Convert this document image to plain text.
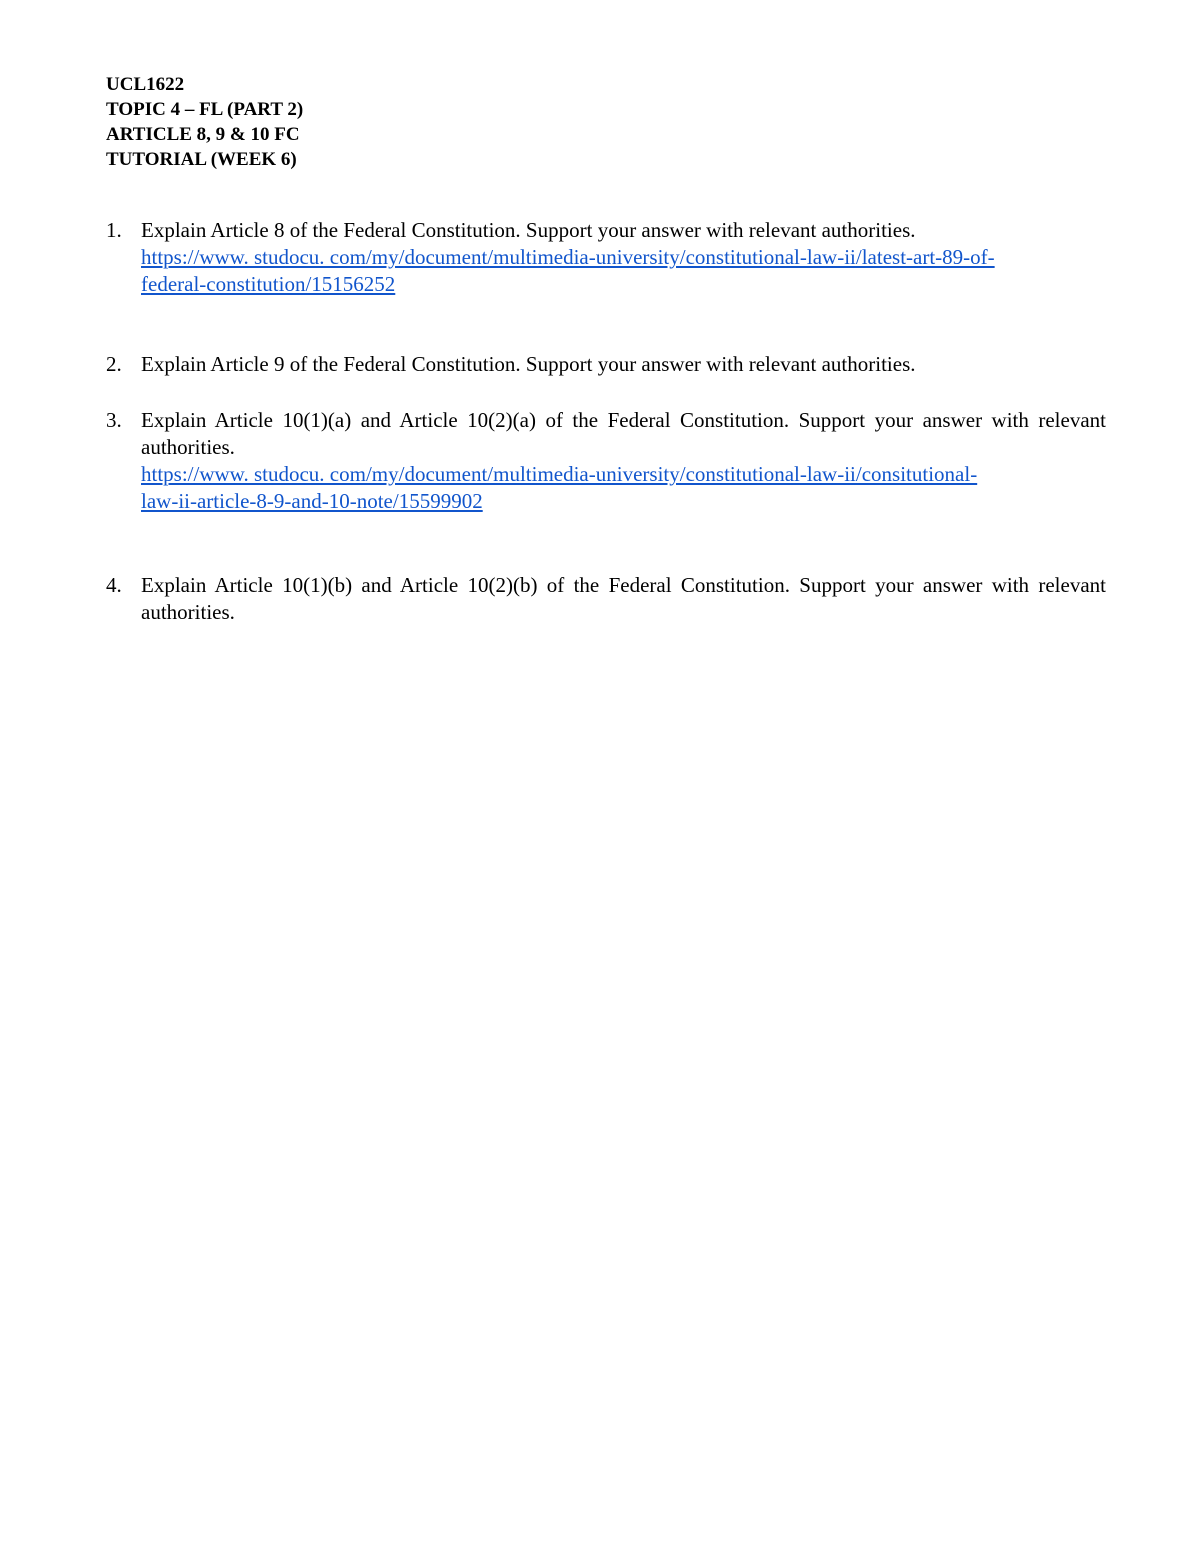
UCL1622
TOPIC 4 – FL (PART 2)
ARTICLE 8, 9 & 10 FC
TUTORIAL (WEEK 6)
1. Explain Article 8 of the Federal Constitution. Support your answer with relevant authorities.
https://www. studocu. com/my/document/multimedia-university/constitutional-law-ii/latest-art-89-of-
federal-constitution/15156252
2. Explain Article 9 of the Federal Constitution. Support your answer with relevant authorities.
3. Explain Article 10(1)(a) and Article 10(2)(a) of the Federal Constitution. Support your answer with relevant authorities.
https://www. studocu. com/my/document/multimedia-university/constitutional-law-ii/consitutional-
law-ii-article-8-9-and-10-note/15599902
4. Explain Article 10(1)(b) and Article 10(2)(b) of the Federal Constitution. Support your answer with relevant authorities.
